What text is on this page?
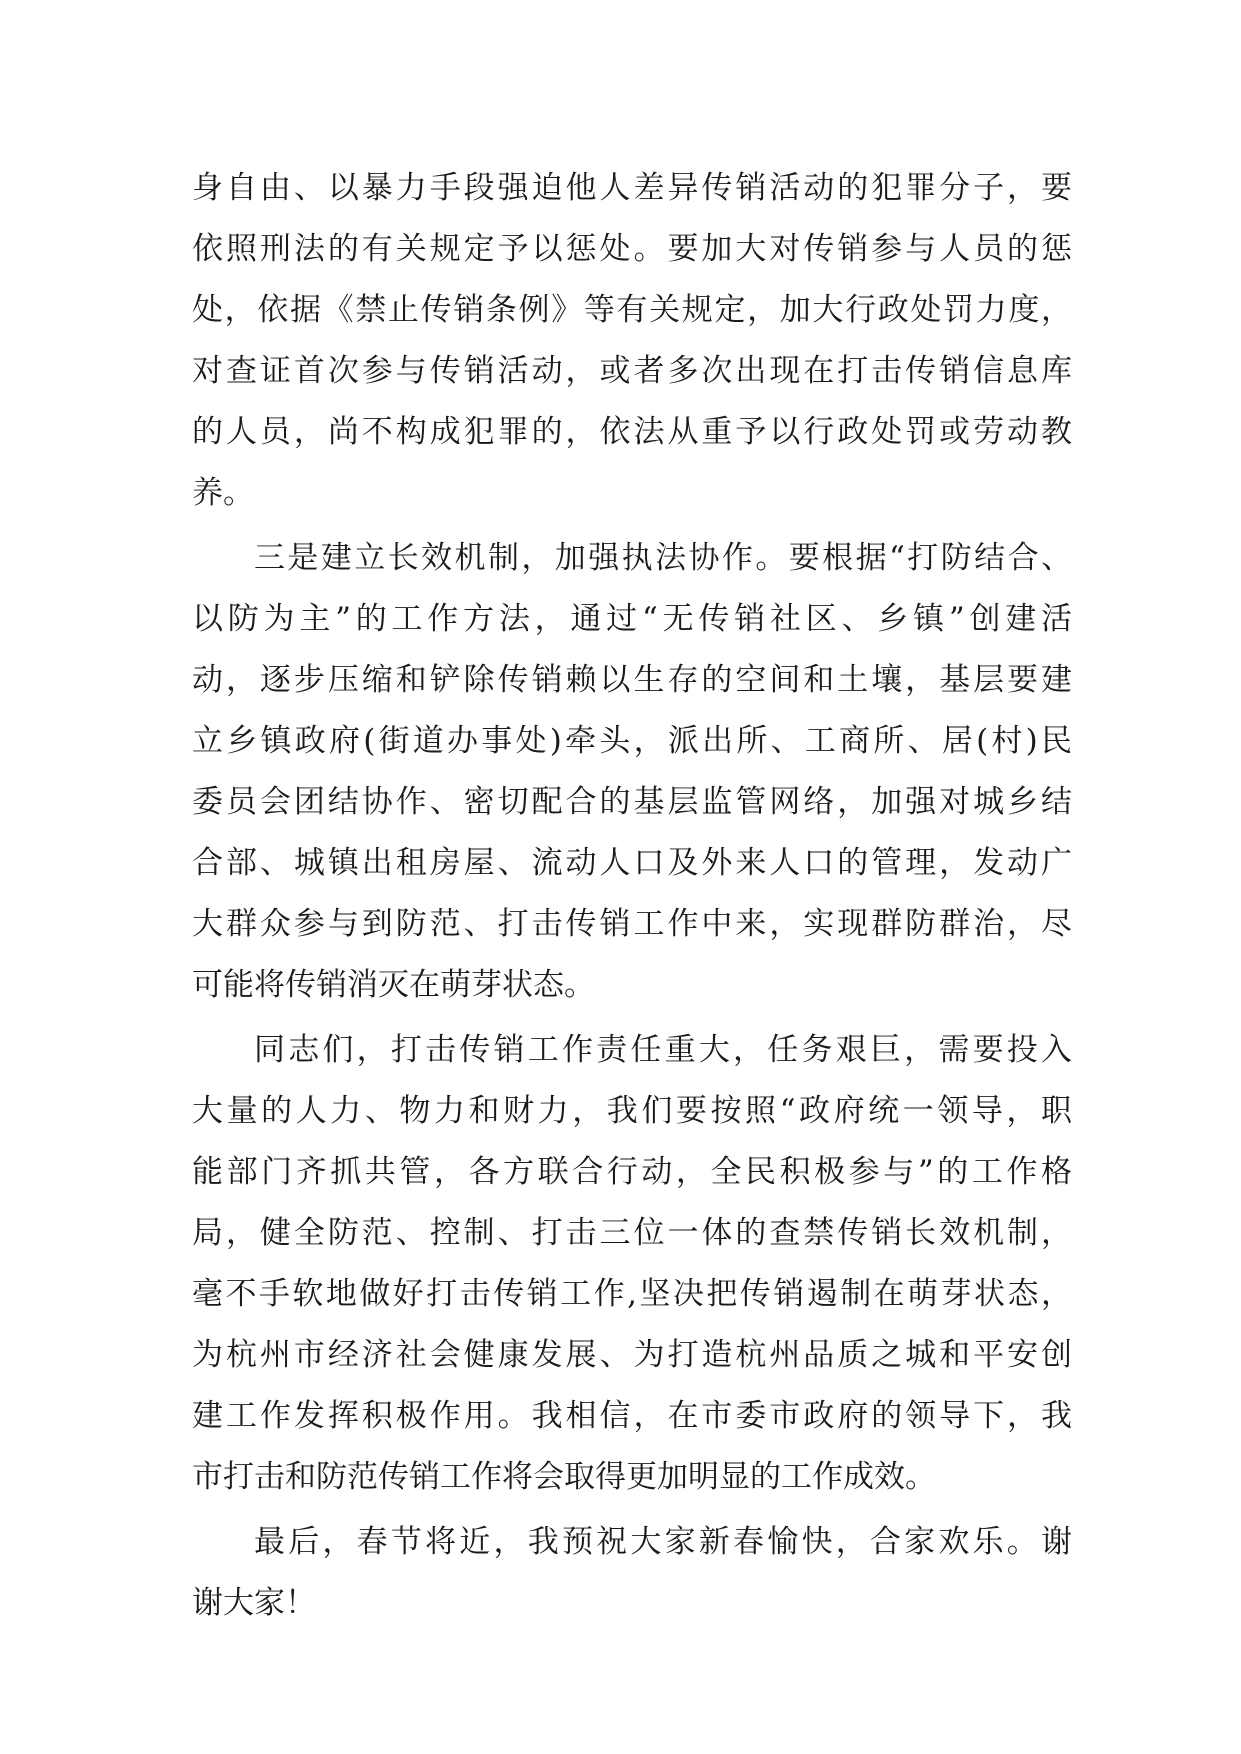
身自由、以暴力手段强迫他人差异传销活动的犯罪分子，要
依照刑法的有关规定予以惩处。要加大对传销参与人员的惩
处，依据《禁止传销条例》等有关规定，加大行政处罚力度，
对查证首次参与传销活动，或者多次出现在打击传销信息库
的人员，尚不构成犯罪的，依法从重予以行政处罚或劳动教
养。
三是建立长效机制，加强执法协作。要根据“打防结合、
以防为主”的工作方法，通过“无传销社区、乡镇”创建活
动，逐步压缩和铲除传销赖以生存的空间和土壤，基层要建
立乡镇政府(街道办事处)牵头，派出所、工商所、居(村)民
委员会团结协作、密切配合的基层监管网络，加强对城乡结
合部、城镇出租房屋、流动人口及外来人口的管理，发动广
大群众参与到防范、打击传销工作中来，实现群防群治，尽
可能将传销消灭在萌芽状态。
同志们，打击传销工作责任重大，任务艰巨，需要投入
大量的人力、物力和财力，我们要按照“政府统一领导，职
能部门齐抓共管，各方联合行动，全民积极参与”的工作格
局，健全防范、控制、打击三位一体的查禁传销长效机制，
毫不手软地做好打击传销工作,坚决把传销遏制在萌芽状态，
为杭州市经济社会健康发展、为打造杭州品质之城和平安创
建工作发挥积极作用。我相信，在市委市政府的领导下，我
市打击和防范传销工作将会取得更加明显的工作成效。
最后，春节将近，我预祝大家新春愉快，合家欢乐。谢
谢大家！
